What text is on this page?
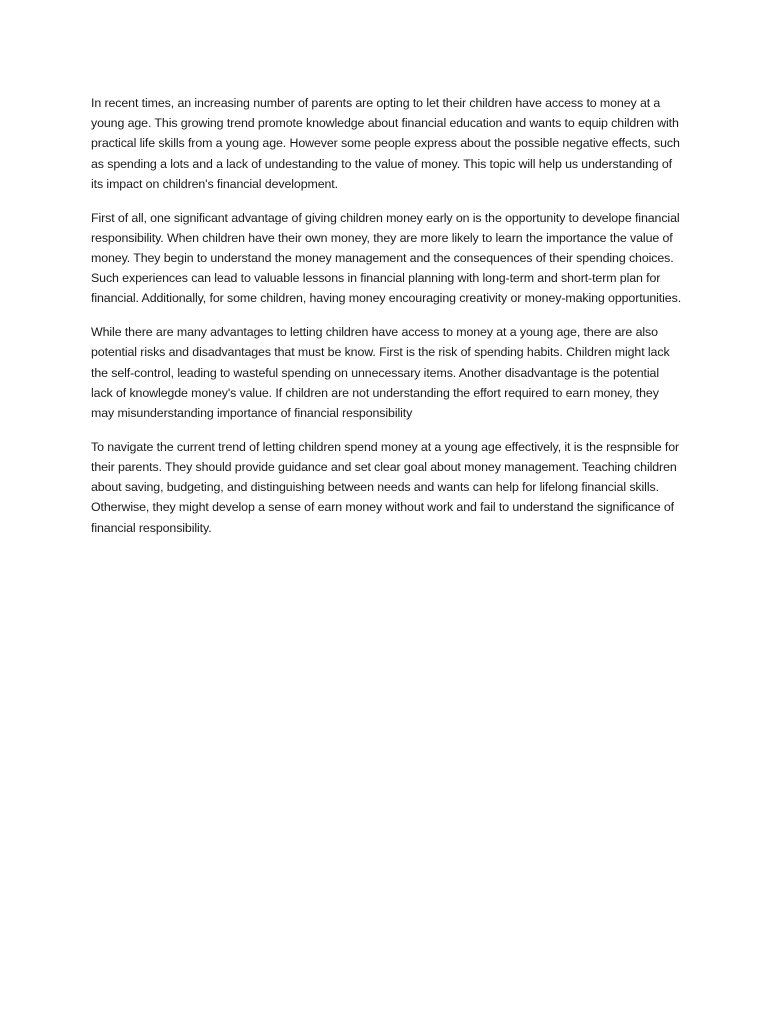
In recent times, an increasing number of parents are opting to let their children have access to money at a young age. This growing trend promote knowledge about financial education and wants to equip children with practical life skills from a young age. However some people express about the possible negative effects, such as spending a lots and a lack of undestanding to the value of money. This topic will help us understanding of its impact on children's financial development.

First of all, one significant advantage of giving children money early on is the opportunity to develope financial responsibility. When children have their own money, they are more likely to learn the importance the value of money. They begin to understand the money management and the consequences of their spending choices. Such experiences can lead to valuable lessons in financial planning with long-term and short-term plan for financial. Additionally, for some children, having money encouraging creativity or money-making opportunities.

While there are many advantages to letting children have access to money at a young age, there are also potential risks and disadvantages that must be know. First is the risk of spending habits. Children might lack the self-control, leading to wasteful spending on unnecessary items. Another disadvantage is the potential lack of knowlegde money's value. If children are not understanding the effort required to earn money, they may misunderstanding importance of financial responsibility

To navigate the current trend of letting children spend money at a young age effectively, it is the respnsible for their parents. They should provide guidance and set clear goal about money management. Teaching children about saving, budgeting, and distinguishing between needs and wants can help for lifelong financial skills. Otherwise, they might develop a sense of earn money without work and fail to understand the significance of financial responsibility.
